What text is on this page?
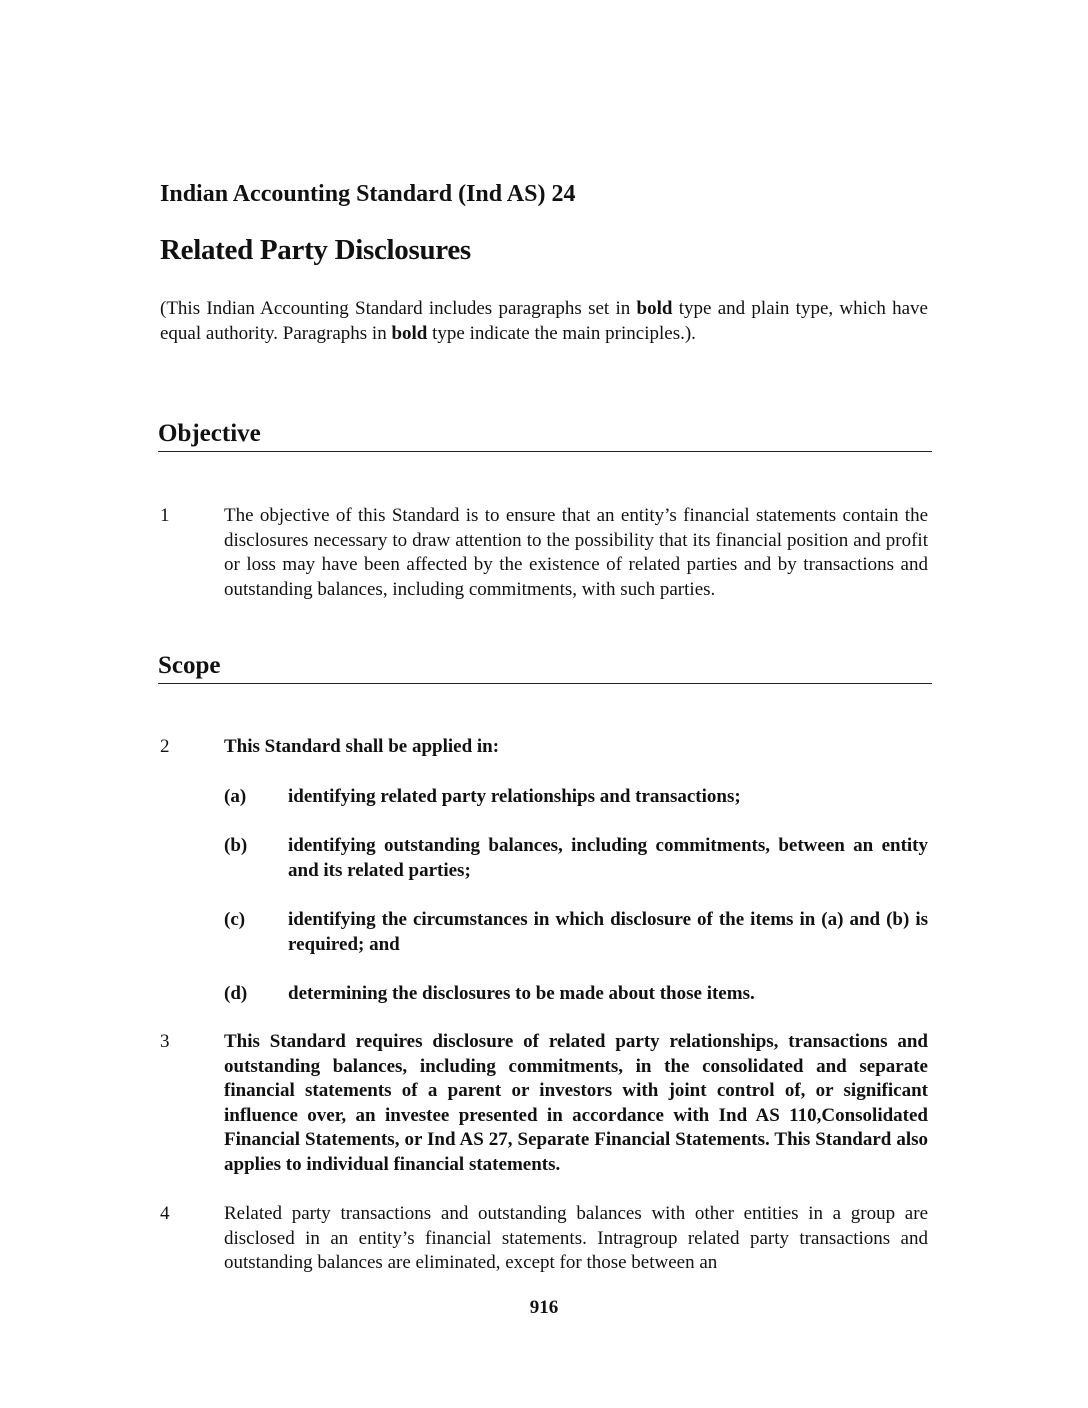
Indian Accounting Standard (Ind AS) 24
Related Party Disclosures
(This Indian Accounting Standard includes paragraphs set in bold type and plain type, which have equal authority. Paragraphs in bold type indicate the main principles.).
Objective
1	The objective of this Standard is to ensure that an entity’s financial statements contain the disclosures necessary to draw attention to the possibility that its financial position and profit or loss may have been affected by the existence of related parties and by transactions and outstanding balances, including commitments, with such parties.
Scope
2	This Standard shall be applied in:
(a) identifying related party relationships and transactions;
(b) identifying outstanding balances, including commitments, between an entity and its related parties;
(c) identifying the circumstances in which disclosure of the items in (a) and (b) is required; and
(d) determining the disclosures to be made about those items.
3	This Standard requires disclosure of related party relationships, transactions and outstanding balances, including commitments, in the consolidated and separate financial statements of a parent or investors with joint control of, or significant influence over, an investee presented in accordance with Ind AS 110,Consolidated Financial Statements, or Ind AS 27, Separate Financial Statements. This Standard also applies to individual financial statements.
4	Related party transactions and outstanding balances with other entities in a group are disclosed in an entity’s financial statements. Intragroup related party transactions and outstanding balances are eliminated, except for those between an
916
